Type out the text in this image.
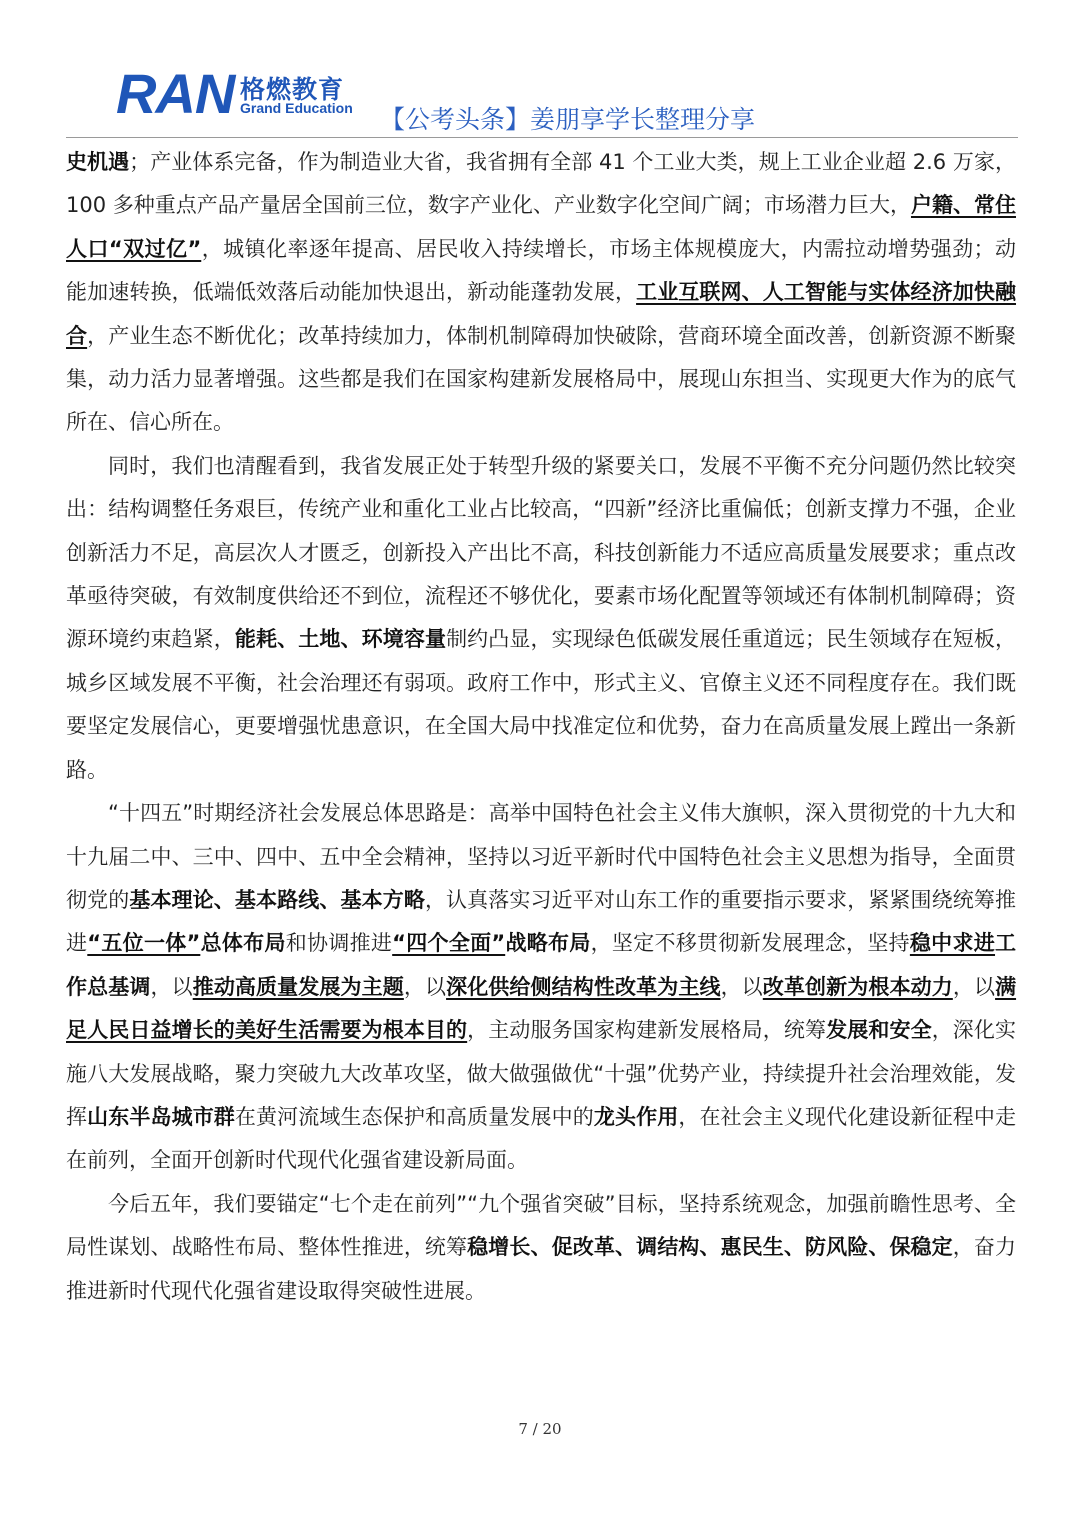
RAN 格燃教育
Grand Education 【公考头条】姜朋享学长整理分享

史机遇；产业体系完备，作为制造业大省，我省拥有全部 41 个工业大类，规上工业企业超 2.6 万家，100 多种重点产品产量居全国前三位，数字产业化、产业数字化空间广阔；市场潜力巨大，户籍、常住人口“双过亿”，城镇化率逐年提高、居民收入持续增长，市场主体规模庞大，内需拉动增势强劲；动能加速转换，低端低效落后动能加快退出，新动能蓬勃发展，工业互联网、人工智能与实体经济加快融合，产业生态不断优化；改革持续加力，体制机制障碍加快破除，营商环境全面改善，创新资源不断聚集，动力活力显著增强。这些都是我们在国家构建新发展格局中，展现山东担当、实现更大作为的底气所在、信心所在。

同时，我们也清醒看到，我省发展正处于转型升级的紧要关口，发展不平衡不充分问题仍然比较突出：结构调整任务艰巨，传统产业和重化工业占比较高，“四新”经济比重偏低；创新支撑力不强，企业创新活力不足，高层次人才匮乏，创新投入产出比不高，科技创新能力不适应高质量发展要求；重点改革亟待突破，有效制度供给还不到位，流程还不够优化，要素市场化配置等领域还有体制机制障碍；资源环境约束趋紧，能耗、土地、环境容量制约凸显，实现绿色低碳发展任重道远；民生领域存在短板，城乡区域发展不平衡，社会治理还有弱项。政府工作中，形式主义、官僚主义还不同程度存在。我们既要坚定发展信心，更要增强忧患意识，在全国大局中找准定位和优势，奋力在高质量发展上蹚出一条新路。

“十四五”时期经济社会发展总体思路是：高举中国特色社会主义伟大旗帜，深入贯彻党的十九大和十九届二中、三中、四中、五中全会精神，坚持以习近平新时代中国特色社会主义思想为指导，全面贯彻党的基本理论、基本路线、基本方略，认真落实习近平对山东工作的重要指示要求，紧紧围绕统筹推进“五位一体”总体布局和协调推进“四个全面”战略布局，坚定不移贯彻新发展理念，坚持稳中求进工作总基调，以推动高质量发展为主题，以深化供给侧结构性改革为主线，以改革创新为根本动力，以满足人民日益增长的美好生活需要为根本目的，主动服务国家构建新发展格局，统筹发展和安全，深化实施八大发展战略，聚力突破九大改革攻坚，做大做强做优“十强”优势产业，持续提升社会治理效能，发挥山东半岛城市群在黄河流域生态保护和高质量发展中的龙头作用，在社会主义现代化建设新征程中走在前列，全面开创新时代现代化强省建设新局面。

今后五年，我们要锚定“七个走在前列”“九个强省突破”目标，坚持系统观念，加强前瞻性思考、全局性谋划、战略性布局、整体性推进，统筹稳增长、促改革、调结构、惠民生、防风险、保稳定，奋力推进新时代现代化强省建设取得突破性进展。

7 / 20
